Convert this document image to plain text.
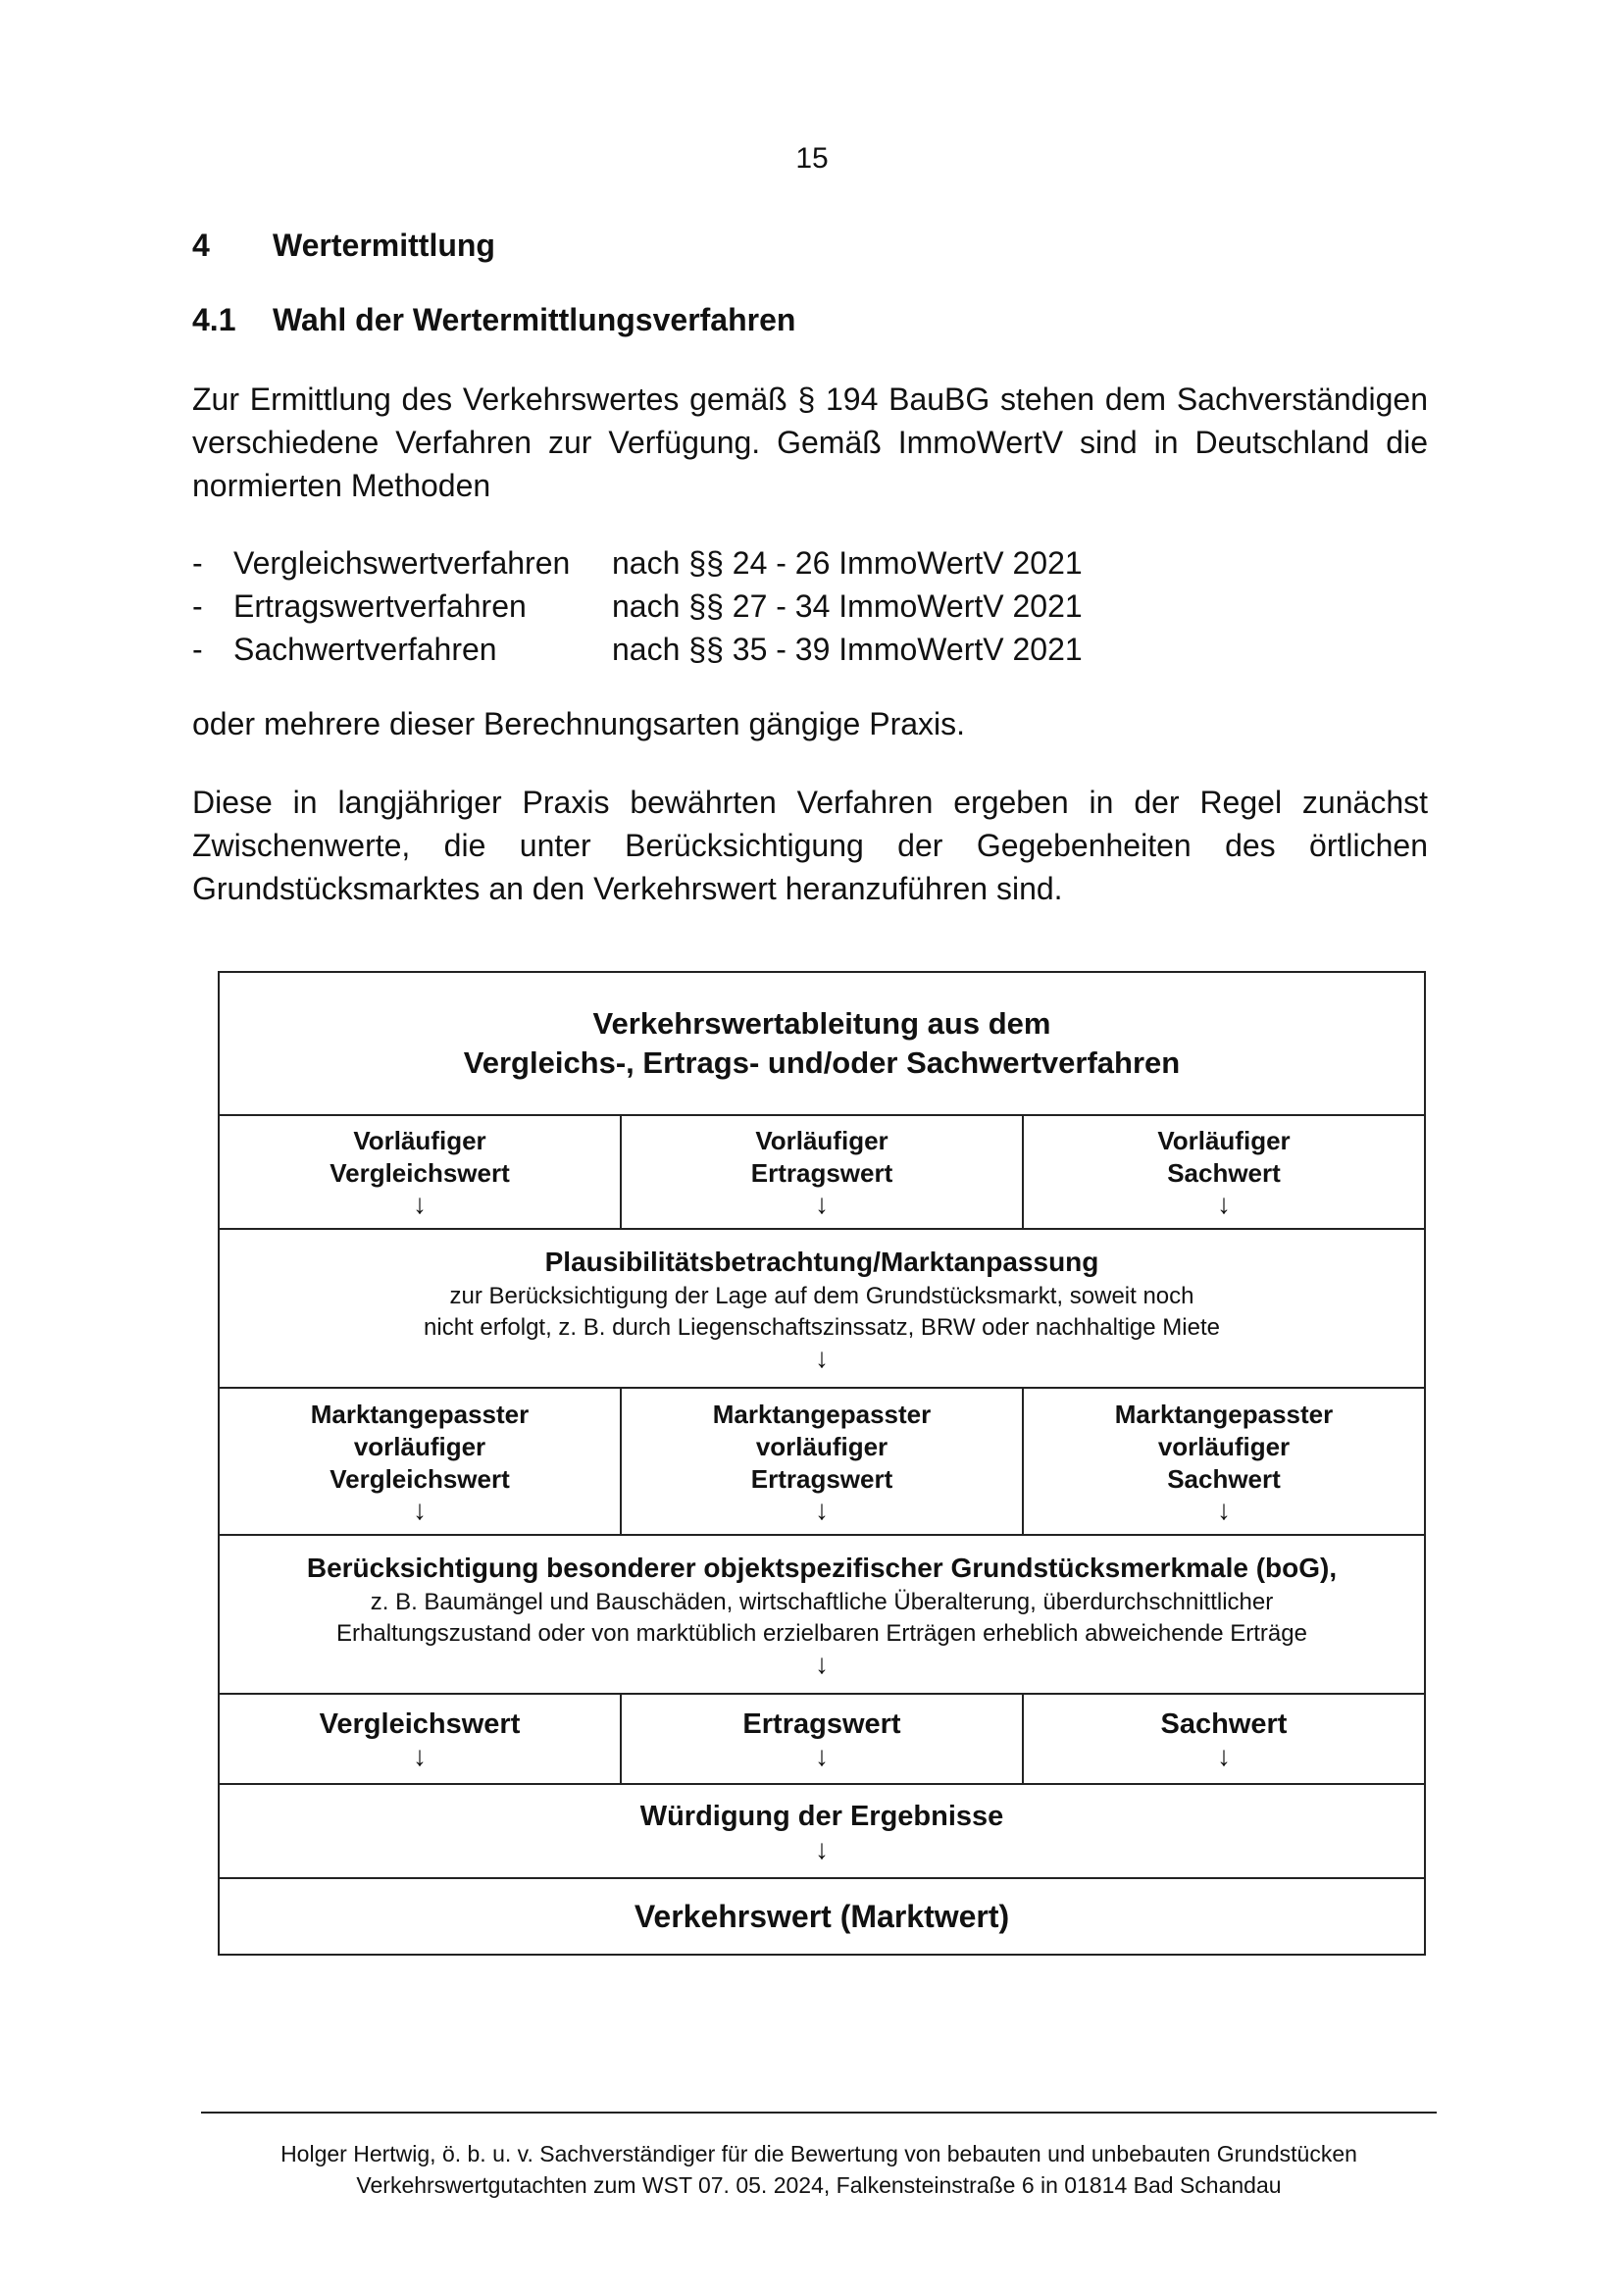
15
4 Wertermittlung
4.1 Wahl der Wertermittlungsverfahren
Zur Ermittlung des Verkehrswertes gemäß § 194 BauBG stehen dem Sachverständigen verschiedene Verfahren zur Verfügung. Gemäß ImmoWertV sind in Deutschland die normierten Methoden
- Vergleichswertverfahren nach §§ 24 - 26 ImmoWertV 2021
- Ertragswertverfahren	nach §§ 27 - 34 ImmoWertV 2021
- Sachwertverfahren	nach §§ 35 - 39 ImmoWertV 2021
oder mehrere dieser Berechnungsarten gängige Praxis.
Diese in langjähriger Praxis bewährten Verfahren ergeben in der Regel zunächst Zwischenwerte, die unter Berücksichtigung der Gegebenheiten des örtlichen Grundstücksmarktes an den Verkehrswert heranzuführen sind.
Verkehrswertableitung aus dem
Vergleichs-, Ertrags- und/oder Sachwertverfahren
Vorläufiger
Vergleichswert
↓
Vorläufiger
Ertragswert
↓
Vorläufiger
Sachwert
↓
Plausibilitätsbetrachtung/Marktanpassung
zur Berücksichtigung der Lage auf dem Grundstücksmarkt, soweit noch
nicht erfolgt, z. B. durch Liegenschaftszinssatz, BRW oder nachhaltige Miete
↓
Marktangepasster
vorläufiger
Vergleichswert
↓
Marktangepasster
vorläufiger
Ertragswert
↓
Marktangepasster
vorläufiger
Sachwert
↓
Berücksichtigung besonderer objektspezifischer Grundstücksmerkmale (boG),
z. B. Baumängel und Bauschäden, wirtschaftliche Überalterung, überdurchschnittlicher
Erhaltungszustand oder von marktüblich erzielbaren Erträgen erheblich abweichende Erträge
↓
Vergleichswert
↓
Ertragswert
↓
Sachwert
↓
Würdigung der Ergebnisse
↓
Verkehrswert (Marktwert)
Holger Hertwig, ö. b. u. v. Sachverständiger für die Bewertung von bebauten und unbebauten Grundstücken
Verkehrswertgutachten zum WST 07. 05. 2024, Falkensteinstraße 6 in 01814 Bad Schandau
